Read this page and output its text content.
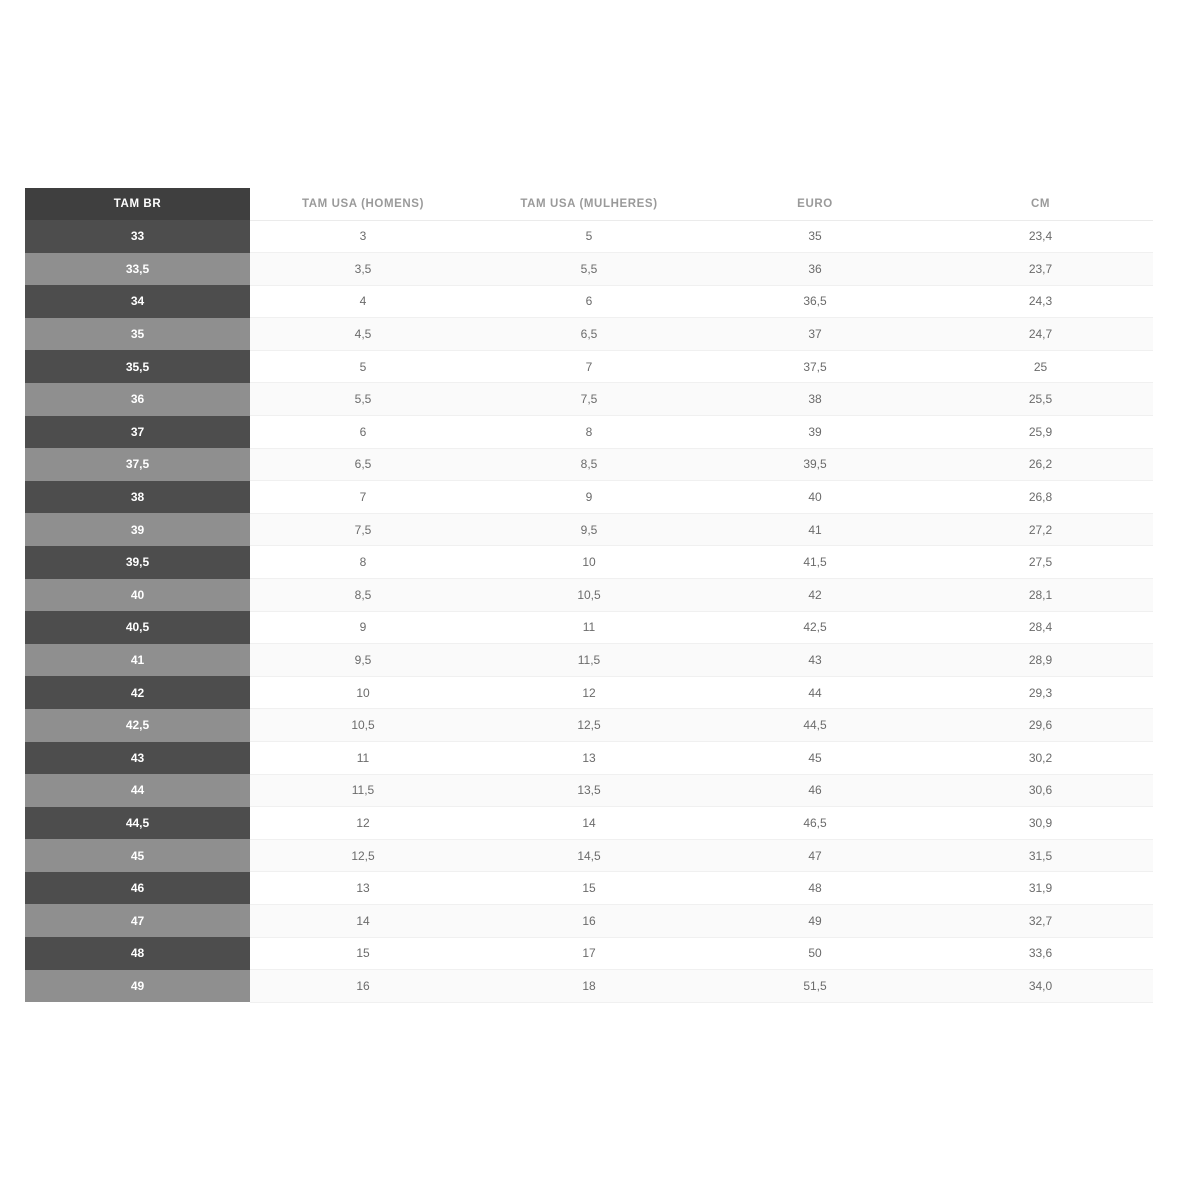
TAM BR	TAM USA (HOMENS)	TAM USA (MULHERES)	EURO	CM
33	3	5	35	23,4
33,5	3,5	5,5	36	23,7
34	4	6	36,5	24,3
35	4,5	6,5	37	24,7
35,5	5	7	37,5	25
36	5,5	7,5	38	25,5
37	6	8	39	25,9
37,5	6,5	8,5	39,5	26,2
38	7	9	40	26,8
39	7,5	9,5	41	27,2
39,5	8	10	41,5	27,5
40	8,5	10,5	42	28,1
40,5	9	11	42,5	28,4
41	9,5	11,5	43	28,9
42	10	12	44	29,3
42,5	10,5	12,5	44,5	29,6
43	11	13	45	30,2
44	11,5	13,5	46	30,6
44,5	12	14	46,5	30,9
45	12,5	14,5	47	31,5
46	13	15	48	31,9
47	14	16	49	32,7
48	15	17	50	33,6
49	16	18	51,5	34,0
